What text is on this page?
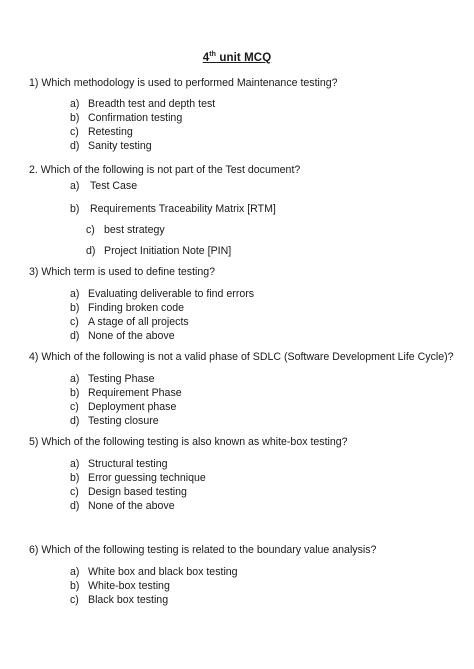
4th unit MCQ
1) Which methodology is used to performed Maintenance testing?
a) Breadth test and depth test
b) Confirmation testing
c) Retesting
d) Sanity testing
2. Which of the following is not part of the Test document?
a) Test Case
b) Requirements Traceability Matrix [RTM]
c) best strategy
d) Project Initiation Note [PIN]
3) Which term is used to define testing?
a) Evaluating deliverable to find errors
b) Finding broken code
c) A stage of all projects
d) None of the above
4) Which of the following is not a valid phase of SDLC (Software Development Life Cycle)?
a) Testing Phase
b) Requirement Phase
c) Deployment phase
d) Testing closure
5) Which of the following testing is also known as white-box testing?
a) Structural testing
b) Error guessing technique
c) Design based testing
d) None of the above
6) Which of the following testing is related to the boundary value analysis?
a) White box and black box testing
b) White-box testing
c) Black box testing
